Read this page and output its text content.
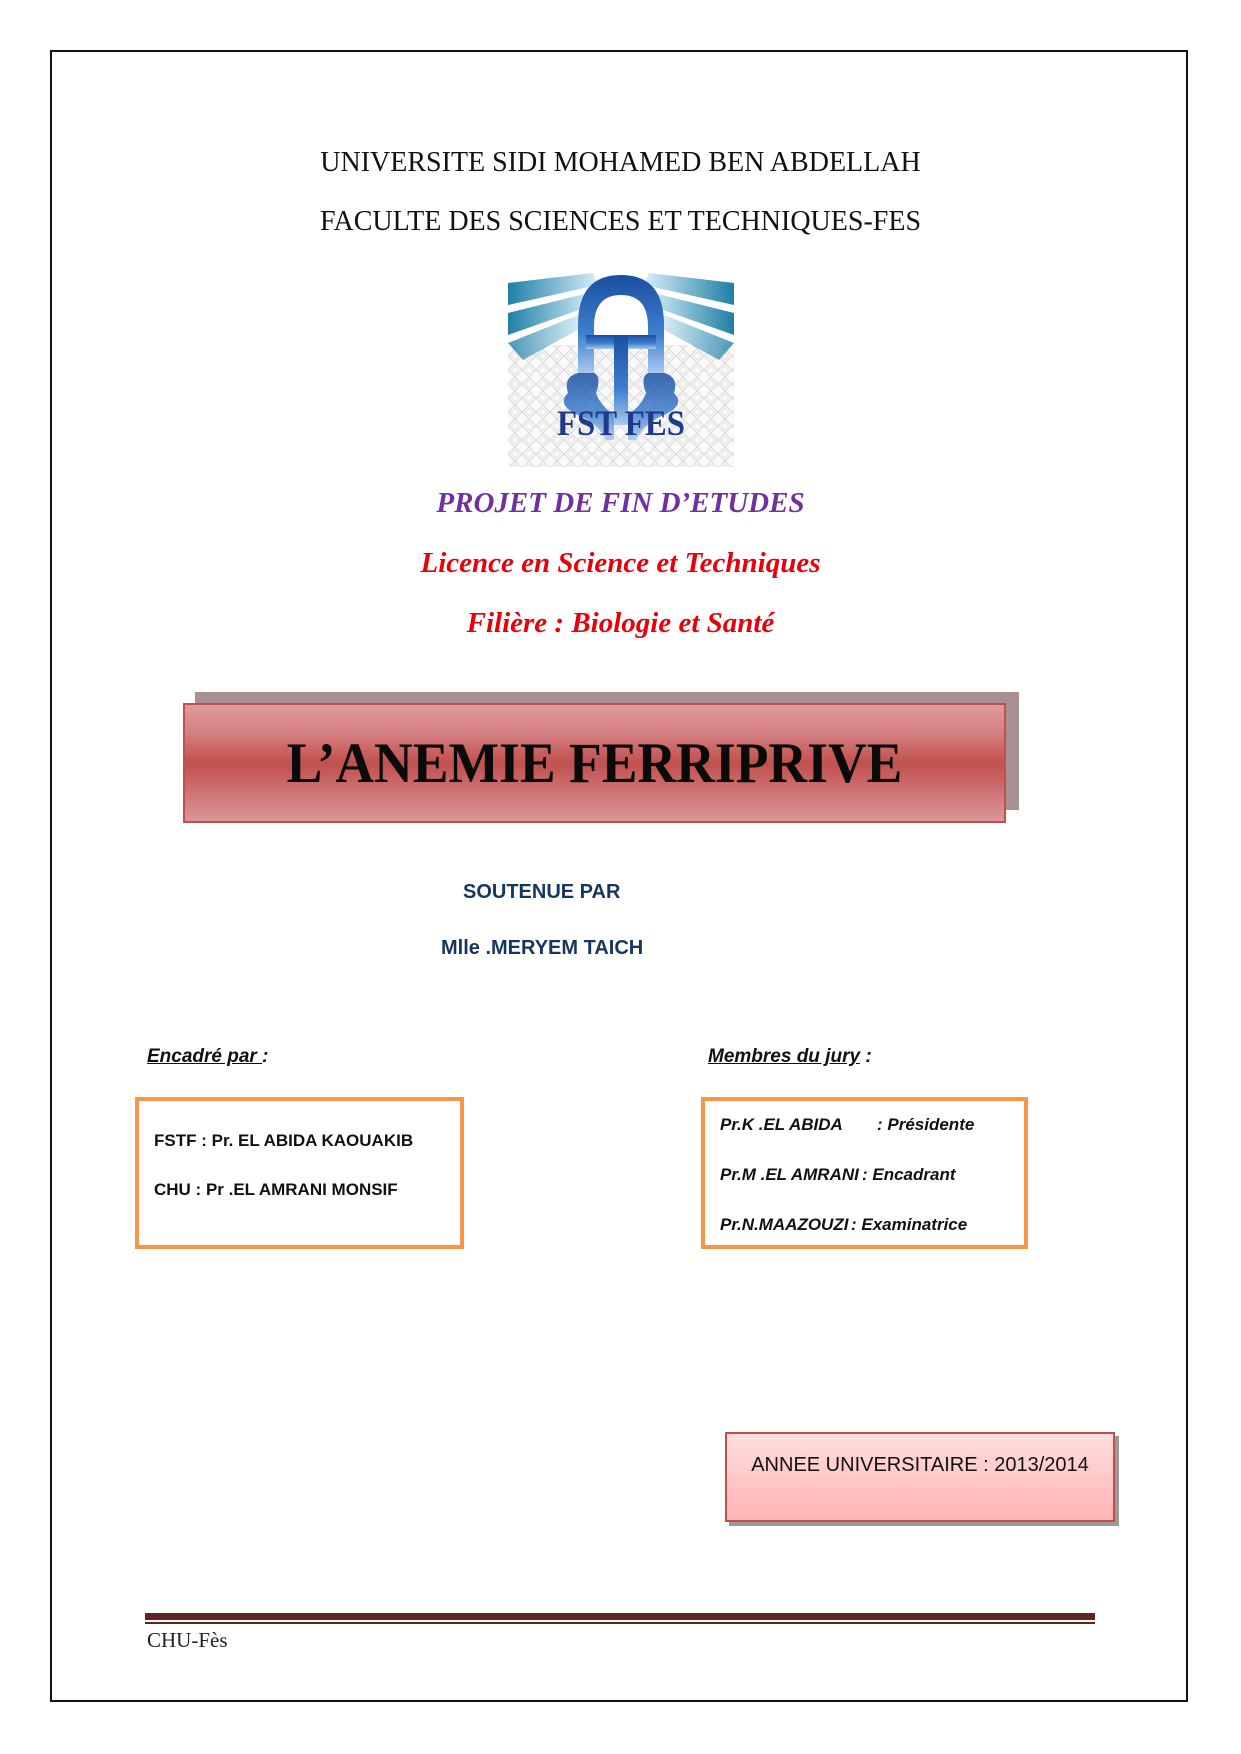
UNIVERSITE SIDI MOHAMED BEN ABDELLAH
FACULTE DES SCIENCES ET TECHNIQUES-FES
FST FES
PROJET DE FIN D’ETUDES
Licence en Science et Techniques
Filière : Biologie et Santé
L’ANEMIE FERRIPRIVE
SOUTENUE PAR
Mlle .MERYEM TAICH
Encadré par :
FSTF : Pr. EL ABIDA KAOUAKIB
CHU : Pr .EL AMRANI MONSIF
Membres du jury :
Pr.K .EL ABIDA : Présidente
Pr.M .EL AMRANI : Encadrant
Pr.N.MAAZOUZI : Examinatrice
ANNEE UNIVERSITAIRE : 2013/2014
CHU-Fès
